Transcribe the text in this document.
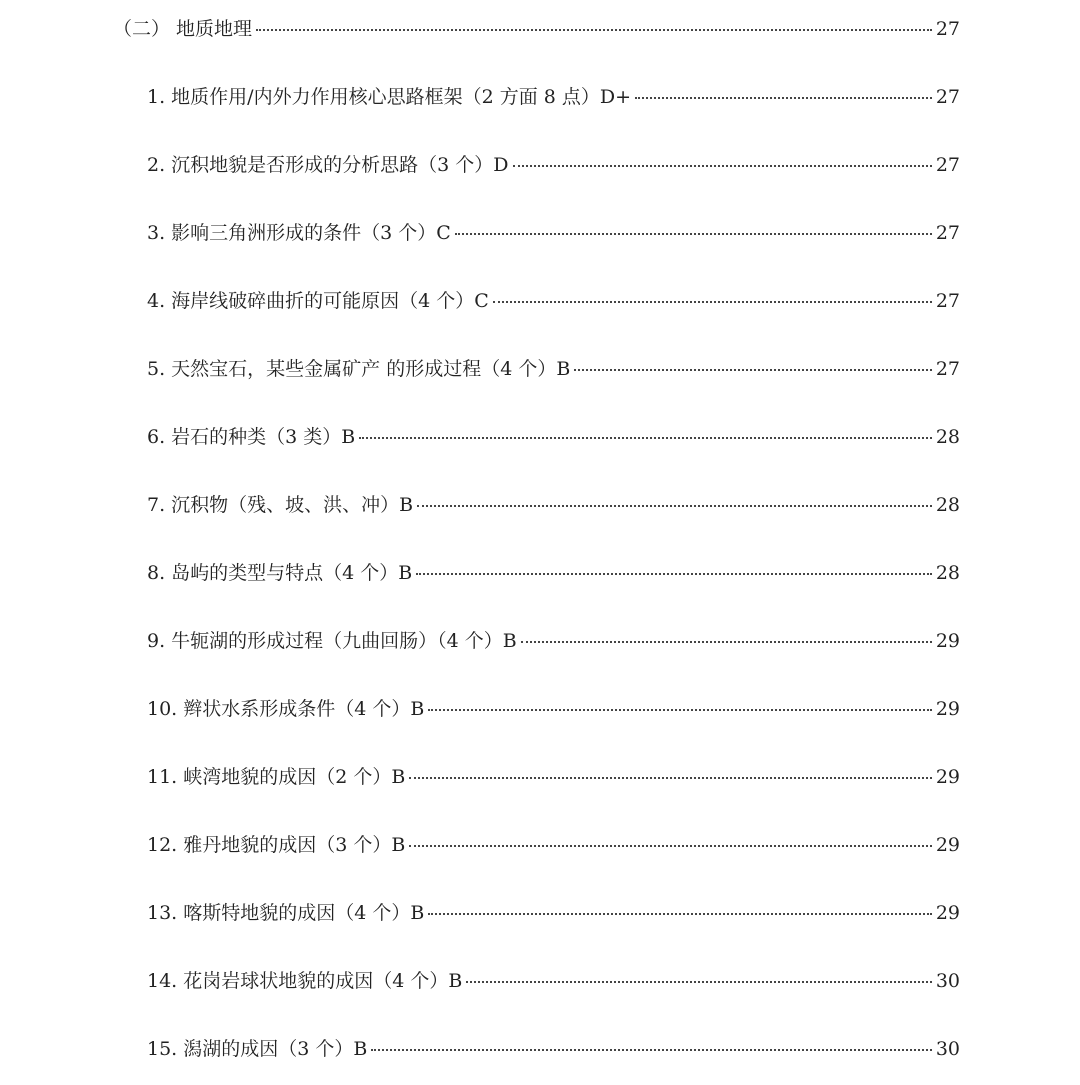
（二） 地质地理	27
1. 地质作用/内外力作用核心思路框架（2 方面 8 点）D+	27
2. 沉积地貌是否形成的分析思路（3 个）D	27
3. 影响三角洲形成的条件（3 个）C	27
4. 海岸线破碎曲折的可能原因（4 个）C	27
5. 天然宝石，某些金属矿产 的形成过程（4 个）B	27
6. 岩石的种类（3 类）B	28
7. 沉积物（残、坡、洪、冲）B	28
8. 岛屿的类型与特点（4 个）B	28
9. 牛轭湖的形成过程（九曲回肠）（4 个）B	29
10. 辫状水系形成条件（4 个）B	29
11. 峡湾地貌的成因（2 个）B	29
12. 雅丹地貌的成因（3 个）B	29
13. 喀斯特地貌的成因（4 个）B	29
14. 花岗岩球状地貌的成因（4 个）B	30
15. 潟湖的成因（3 个）B	30
